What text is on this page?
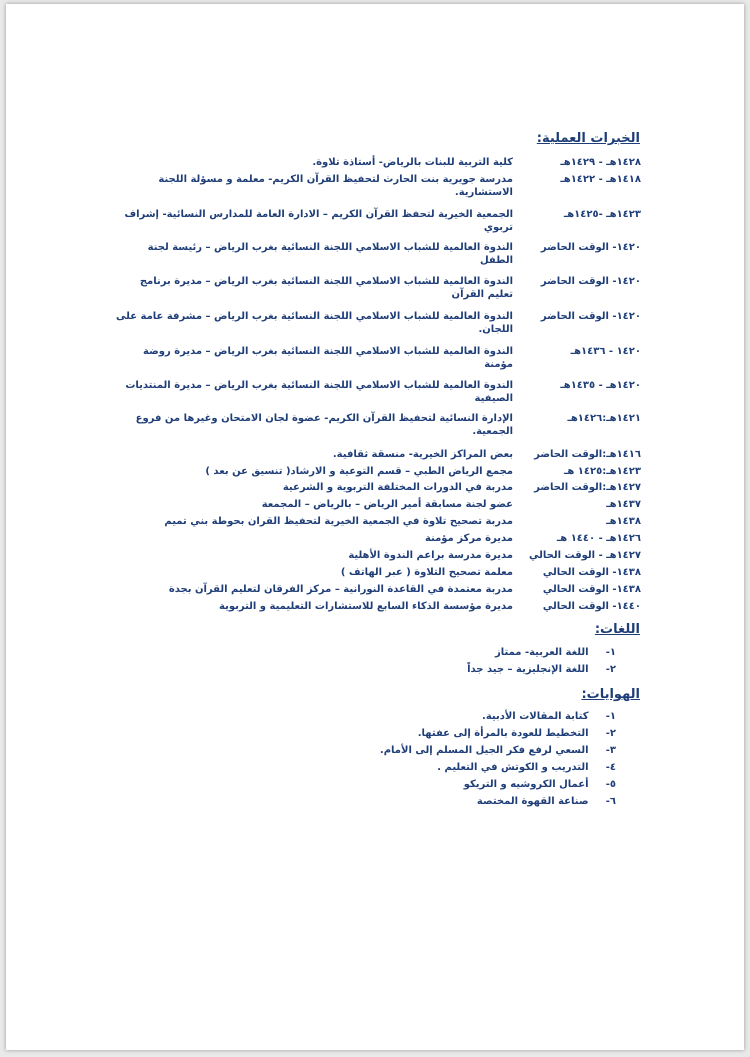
الخبرات العملية:
١٤٢٨هـ - ١٤٢٩هـ
كلية التربية للبنات بالرياض- أستاذة تلاوة.
١٤١٨هـ - ١٤٢٢هـ
مدرسة جويرية بنت الحارث لتحفيظ القرآن الكريم- معلمة و مسؤلة اللجنة الاستشارية.
١٤٢٣هـ -١٤٢٥هـ
الجمعية الخيرية لتحفظ القرآن الكريم – الادارة العامة للمدارس النسائية- إشراف تربوي
١٤٢٠- الوقت الحاضر
الندوة العالمية للشباب الاسلامي اللجنة النسائية بغرب الرياض – رئيسة لجنة الطفل
١٤٢٠- الوقت الحاضر
الندوة العالمية للشباب الاسلامي اللجنة النسائية بغرب الرياض – مديرة برنامج تعليم القرآن
١٤٢٠- الوقت الحاضر
الندوة العالمية للشباب الاسلامي اللجنة النسائية بغرب الرياض – مشرفة عامة على اللجان.
١٤٢٠ - ١٤٣٦هـ
الندوة العالمية للشباب الاسلامي اللجنة النسائية بغرب الرياض – مديرة روضة مؤمنة
١٤٢٠هـ - ١٤٣٥هـ
الندوة العالمية للشباب الاسلامي اللجنة النسائية بغرب الرياض – مديرة المنتديات الصيفية
١٤٢١هـ:١٤٢٦هـ
الإدارة النسائية لتحفيظ القرآن الكريم- عضوة لجان الامتحان وغيرها من فروع الجمعية.
١٤١٦هـ:الوقت الحاضر
بعض المراكز الخيرية- منسقة ثقافية.
١٤٢٣هـ:١٤٢٥ هـ
مجمع الرياض الطبي – قسم التوعية و الارشاد( تنسيق عن بعد )
١٤٢٧هـ:الوقت الحاضر
مدربة في الدورات المختلفة التربوية و الشرعية
١٤٣٧هـ
عضو لجنة مسابقة أمير الرياض – بالرياض – المجمعة
١٤٣٨هـ
مدربة تصحيح تلاوة في الجمعية الخيرية لتحفيظ القران بحوطة بني تميم
١٤٢٦هـ - ١٤٤٠ هـ
مديرة مركز مؤمنة
١٤٢٧هـ - الوقت الحالي
مديرة مدرسة براعم الندوة الأهلية
١٤٣٨- الوقت الحالي
معلمة تصحيح التلاوة ( عبر الهاتف )
١٤٣٨- الوقت الحالي
مدربة معتمدة في القاعدة النورانية – مركز الفرقان لتعليم القرآن بجدة
١٤٤٠- الوقت الحالي
مديرة مؤسسة الذكاء السابع للاستشارات التعليمية و التربوية
اللغات:
١- اللغة العربية- ممتاز
٢- اللغة الإنجليزية – جيد جداً
الهوايات:
١- كتابة المقالات الأدبية.
٢- التخطيط للعودة بالمرأة إلى عفتها.
٣- السعي لرفع فكر الجيل المسلم إلى الأمام.
٤- التدريب و الكوتش في التعليم .
٥- أعمال الكروشيه و التريكو
٦- صناعة القهوة المختصة
